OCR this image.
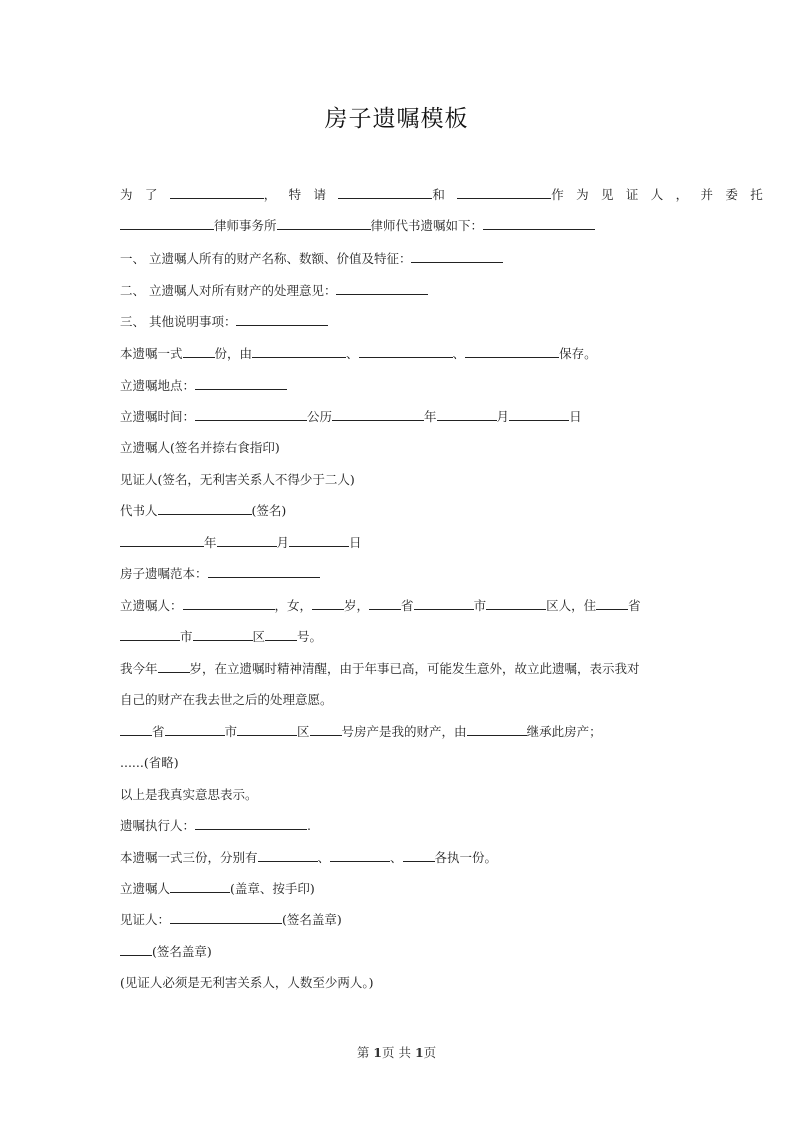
房子遗嘱模板
为 了	， 特 请	和	作 为 见 证 人 ， 并 委 托
律师事务所	律师代书遗嘱如下：
一、 立遗嘱人所有的财产名称、数额、价值及特征：
二、 立遗嘱人对所有财产的处理意见：
三、 其他说明事项：
本遗嘱一式	份，由	、	、	保存。
立遗嘱地点：
立遗嘱时间：	公历	年	月	日
立遗嘱人(签名并捺右食指印)
见证人(签名，无利害关系人不得少于二人)
代书人	(签名)
年	月	日
房子遗嘱范本：
立遗嘱人：	，女，	岁，	省	市	区人，住	省
市	区	号。
我今年	岁，在立遗嘱时精神清醒，由于年事已高，可能发生意外，故立此遗嘱，表示我对
自己的财产在我去世之后的处理意愿。
省	市	区	号房产是我的财产，由	继承此房产；
......(省略)
以上是我真实意思表示。
遗嘱执行人：	.
本遗嘱一式三份，分别有	、	、	各执一份。
立遗嘱人	(盖章、按手印)
见证人：	(签名盖章)
(签名盖章)
(见证人必须是无利害关系人，人数至少两人。)
第 1页 共 1页
